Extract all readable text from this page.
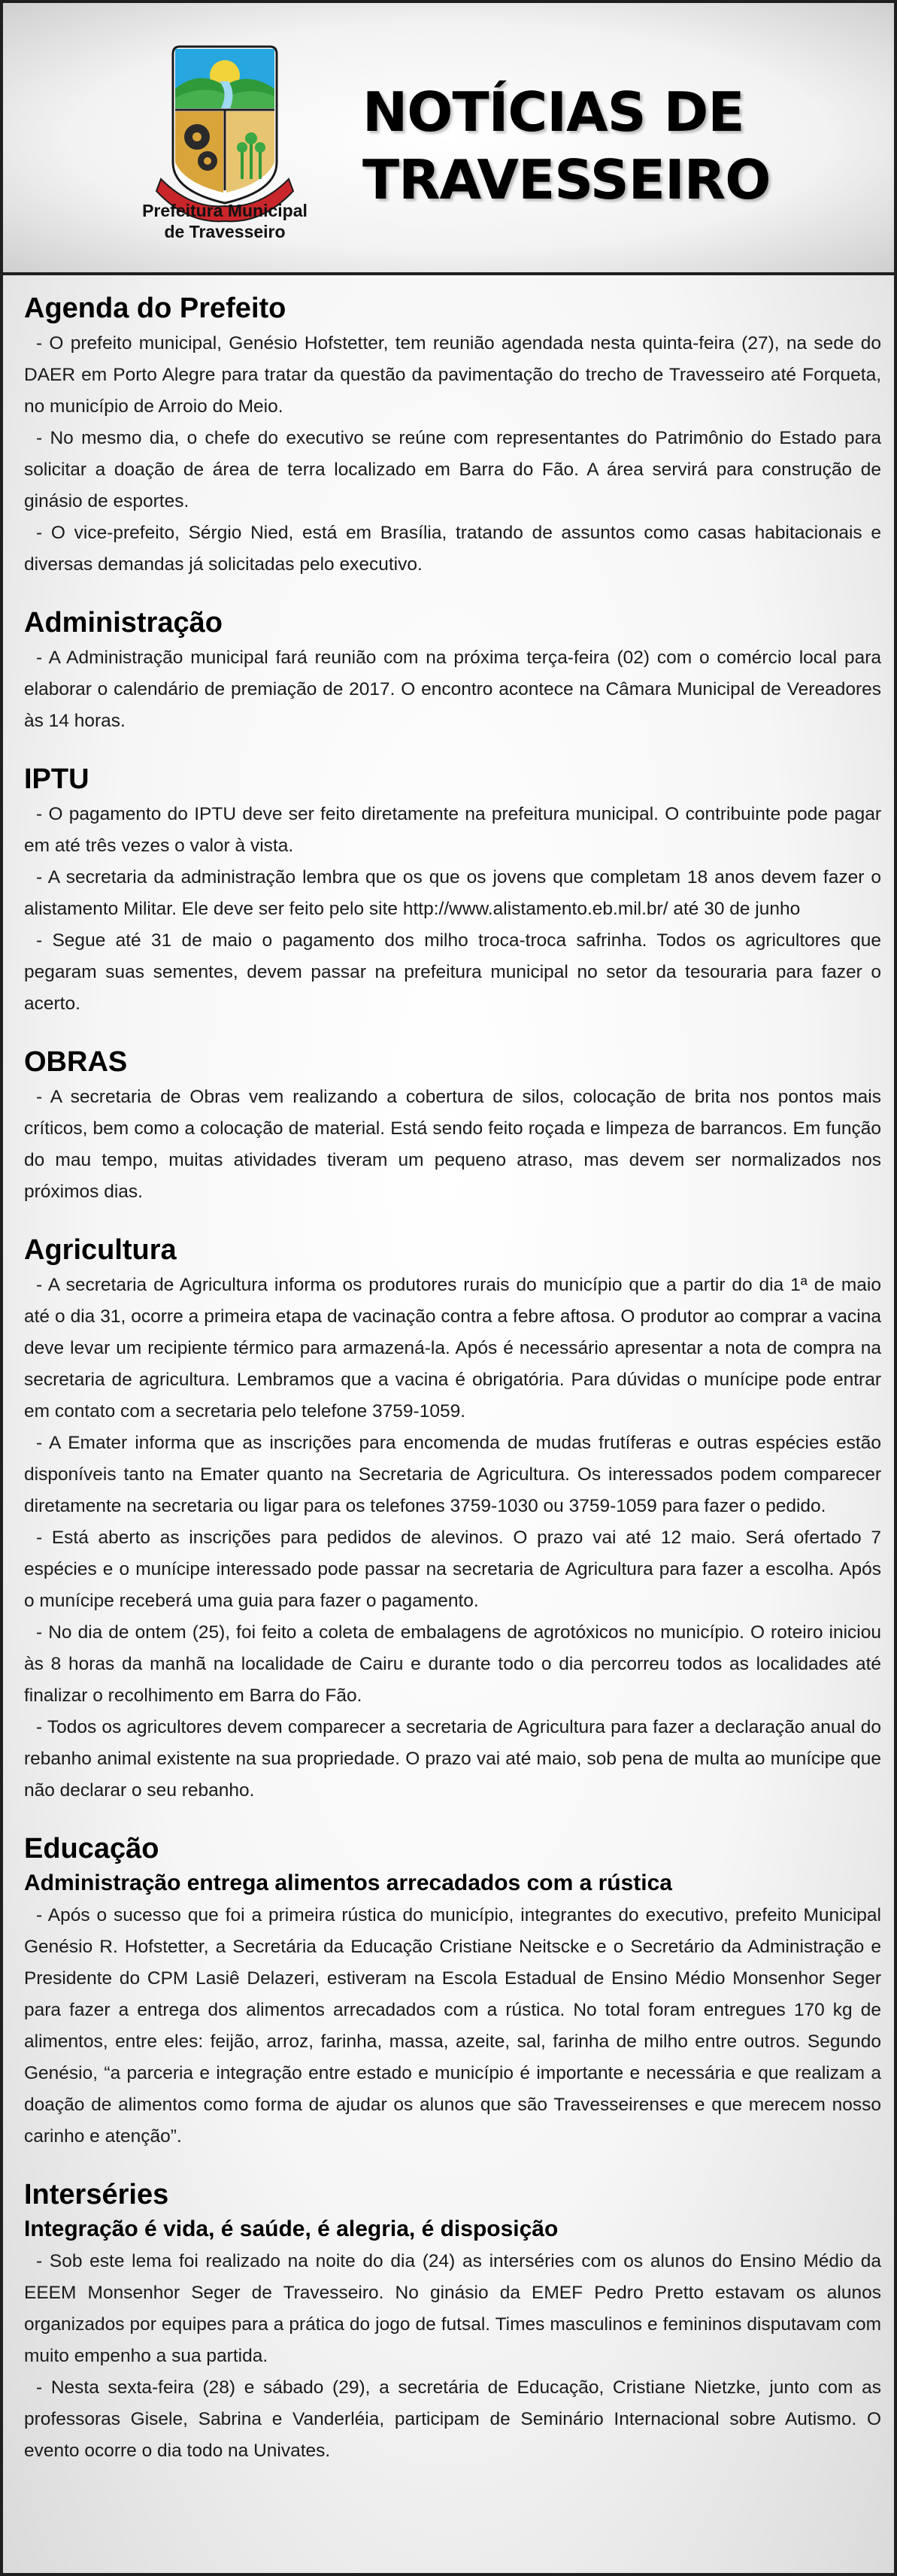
Prefeitura Municipal
de Travesseiro
NOTÍCIAS DE
TRAVESSEIRO
Agenda do Prefeito

- O prefeito municipal, Genésio Hofstetter, tem reunião agendada nesta quinta-feira (27), na sede do DAER em Porto Alegre para tratar da questão da pavimentação do trecho de Travesseiro até Forqueta, no município de Arroio do Meio.

- No mesmo dia, o chefe do executivo se reúne com representantes do Patrimônio do Estado para solicitar a doação de área de terra localizado em Barra do Fão. A área servirá para construção de ginásio de esportes.

- O vice-prefeito, Sérgio Nied, está em Brasília, tratando de assuntos como casas habitacionais e diversas demandas já solicitadas pelo executivo.

Administração

- A Administração municipal fará reunião com na próxima terça-feira (02) com o comércio local para elaborar o calendário de premiação de 2017. O encontro acontece na Câmara Municipal de Vereadores às 14 horas.

IPTU

- O pagamento do IPTU deve ser feito diretamente na prefeitura municipal. O contribuinte pode pagar em até três vezes o valor à vista.

- A secretaria da administração lembra que os que os jovens que completam 18 anos devem fazer o alistamento Militar. Ele deve ser feito pelo site http://www.alistamento.eb.mil.br/ até 30 de junho

- Segue até 31 de maio o pagamento dos milho troca-troca safrinha. Todos os agricultores que pegaram suas sementes, devem passar na prefeitura municipal no setor da tesouraria para fazer o acerto.

OBRAS

- A secretaria de Obras vem realizando a cobertura de silos, colocação de brita nos pontos mais críticos, bem como a colocação de material. Está sendo feito roçada e limpeza de barrancos. Em função do mau tempo, muitas atividades tiveram um pequeno atraso, mas devem ser normalizados nos próximos dias.

Agricultura

- A secretaria de Agricultura informa os produtores rurais do município que a partir do dia 1ª de maio até o dia 31, ocorre a primeira etapa de vacinação contra a febre aftosa. O produtor ao comprar a vacina deve levar um recipiente térmico para armazená-la. Após é necessário apresentar a nota de compra na secretaria de agricultura. Lembramos que a vacina é obrigatória. Para dúvidas o munícipe pode entrar em contato com a secretaria pelo telefone 3759-1059.

- A Emater informa que as inscrições para encomenda de mudas frutíferas e outras espécies estão disponíveis tanto na Emater quanto na Secretaria de Agricultura. Os interessados podem comparecer diretamente na secretaria ou ligar para os telefones 3759-1030 ou 3759-1059 para fazer o pedido.

- Está aberto as inscrições para pedidos de alevinos. O prazo vai até 12 maio. Será ofertado 7 espécies e o munícipe interessado pode passar na secretaria de Agricultura para fazer a escolha. Após o munícipe receberá uma guia para fazer o pagamento.

- No dia de ontem (25), foi feito a coleta de embalagens de agrotóxicos no município. O roteiro iniciou às 8 horas da manhã na localidade de Cairu e durante todo o dia percorreu todos as localidades até finalizar o recolhimento em Barra do Fão.

- Todos os agricultores devem comparecer a secretaria de Agricultura para fazer a declaração anual do rebanho animal existente na sua propriedade. O prazo vai até maio, sob pena de multa ao munícipe que não declarar o seu rebanho.

Educação
Administração entrega alimentos arrecadados com a rústica

- Após o sucesso que foi a primeira rústica do município, integrantes do executivo, prefeito Municipal Genésio R. Hofstetter, a Secretária da Educação Cristiane Neitscke e o Secretário da Administração e Presidente do CPM Lasiê Delazeri, estiveram na Escola Estadual de Ensino Médio Monsenhor Seger para fazer a entrega dos alimentos arrecadados com a rústica. No total foram entregues 170 kg de alimentos, entre eles: feijão, arroz, farinha, massa, azeite, sal, farinha de milho entre outros. Segundo Genésio, “a parceria e integração entre estado e município é importante e necessária e que realizam a doação de alimentos como forma de ajudar os alunos que são Travesseirenses e que merecem nosso carinho e atenção”.

Interséries
Integração é vida, é saúde, é alegria, é disposição

- Sob este lema foi realizado na noite do dia (24) as interséries com os alunos do Ensino Médio da EEEM Monsenhor Seger de Travesseiro. No ginásio da EMEF Pedro Pretto estavam os alunos organizados por equipes para a prática do jogo de futsal. Times masculinos e femininos disputavam com muito empenho a sua partida.

- Nesta sexta-feira (28) e sábado (29), a secretária de Educação, Cristiane Nietzke, junto com as professoras Gisele, Sabrina e Vanderléia, participam de Seminário Internacional sobre Autismo. O evento ocorre o dia todo na Univates.
